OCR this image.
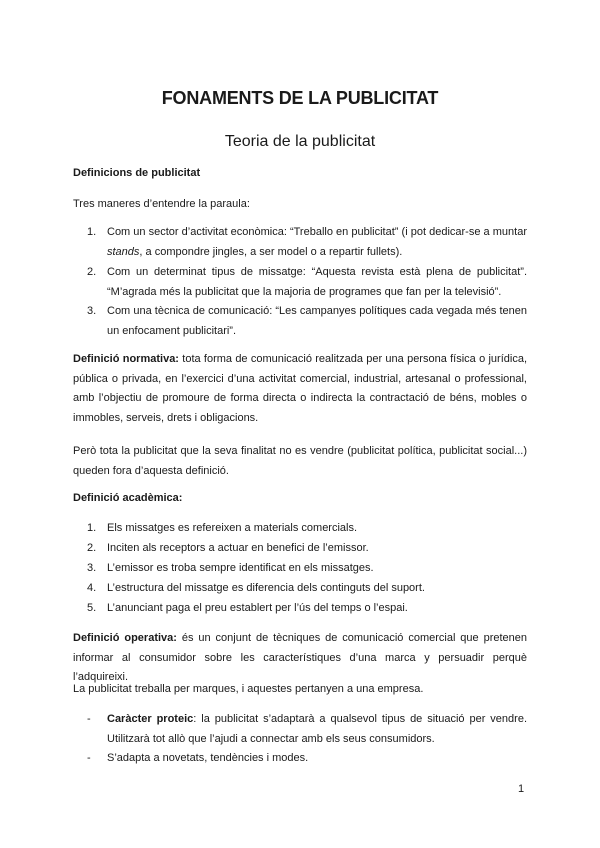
FONAMENTS DE LA PUBLICITAT
Teoria de la publicitat
Definicions de publicitat
Tres maneres d’entendre la paraula:
1. Com un sector d’activitat econòmica: “Treballo en publicitat” (i pot dedicar-se a muntar stands, a compondre jingles, a ser model o a repartir fullets).
2. Com un determinat tipus de missatge: “Aquesta revista està plena de publicitat”. “M’agrada més la publicitat que la majoria de programes que fan per la televisió”.
3. Com una tècnica de comunicació: “Les campanyes polítiques cada vegada més tenen un enfocament publicitari”.
Definició normativa: tota forma de comunicació realitzada per una persona física o jurídica, pública o privada, en l’exercici d’una activitat comercial, industrial, artesanal o professional, amb l’objectiu de promoure de forma directa o indirecta la contractació de béns, mobles o immobles, serveis, drets i obligacions.
Però tota la publicitat que la seva finalitat no es vendre (publicitat política, publicitat social...) queden fora d’aquesta definició.
Definició acadèmica:
1. Els missatges es refereixen a materials comercials.
2. Inciten als receptors a actuar en benefici de l’emissor.
3. L’emissor es troba sempre identificat en els missatges.
4. L’estructura del missatge es diferencia dels continguts del suport.
5. L’anunciant paga el preu establert per l’ús del temps o l’espai.
Definició operativa: és un conjunt de tècniques de comunicació comercial que pretenen informar al consumidor sobre les característiques d’una marca y persuadir perquè l’adquireixi.
La publicitat treballa per marques, i aquestes pertanyen a una empresa.
- Caràcter proteic: la publicitat s’adaptarà a qualsevol tipus de situació per vendre. Utilitzarà tot allò que l’ajudi a connectar amb els seus consumidors.
- S’adapta a novetats, tendències i modes.
1
